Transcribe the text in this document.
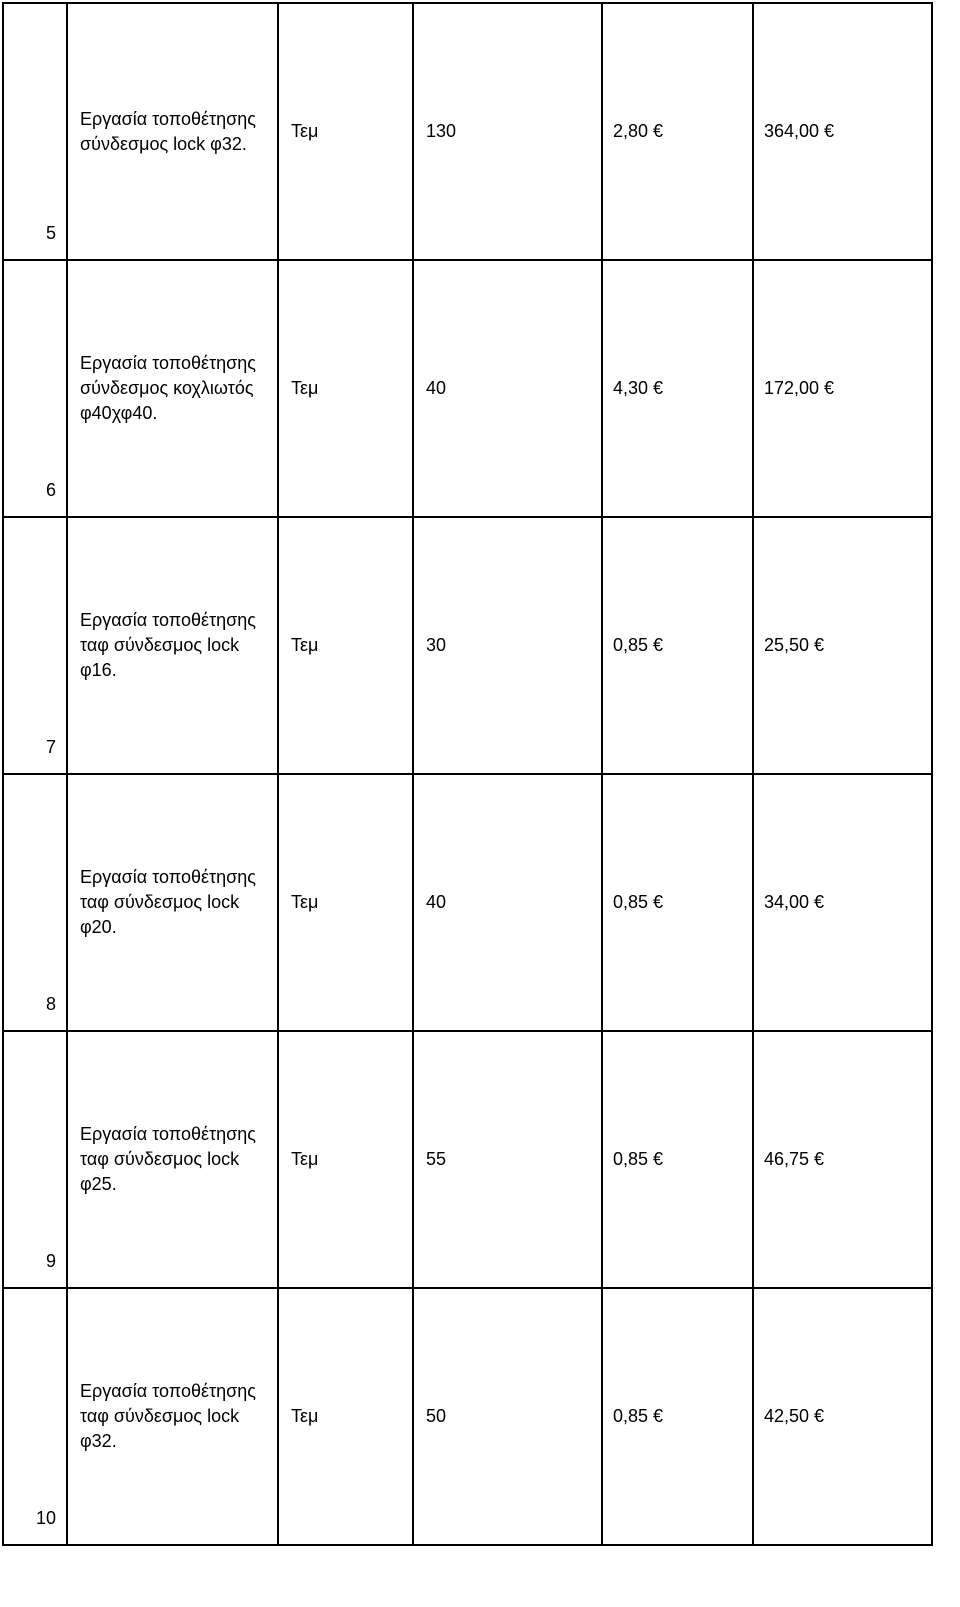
5	Εργασία τοποθέτησης
σύνδεσμος lock φ32.	Τεμ	130	2,80 €	364,00 €
6	Εργασία τοποθέτησης
σύνδεσμος κοχλιωτός
φ40χφ40.	Τεμ	40	4,30 €	172,00 €
7	Εργασία τοποθέτησης
ταφ σύνδεσμος lock
φ16.	Τεμ	30	0,85 €	25,50 €
8	Εργασία τοποθέτησης
ταφ σύνδεσμος lock
φ20.	Τεμ	40	0,85 €	34,00 €
9	Εργασία τοποθέτησης
ταφ σύνδεσμος lock
φ25.	Τεμ	55	0,85 €	46,75 €
10	Εργασία τοποθέτησης
ταφ σύνδεσμος lock
φ32.	Τεμ	50	0,85 €	42,50 €
